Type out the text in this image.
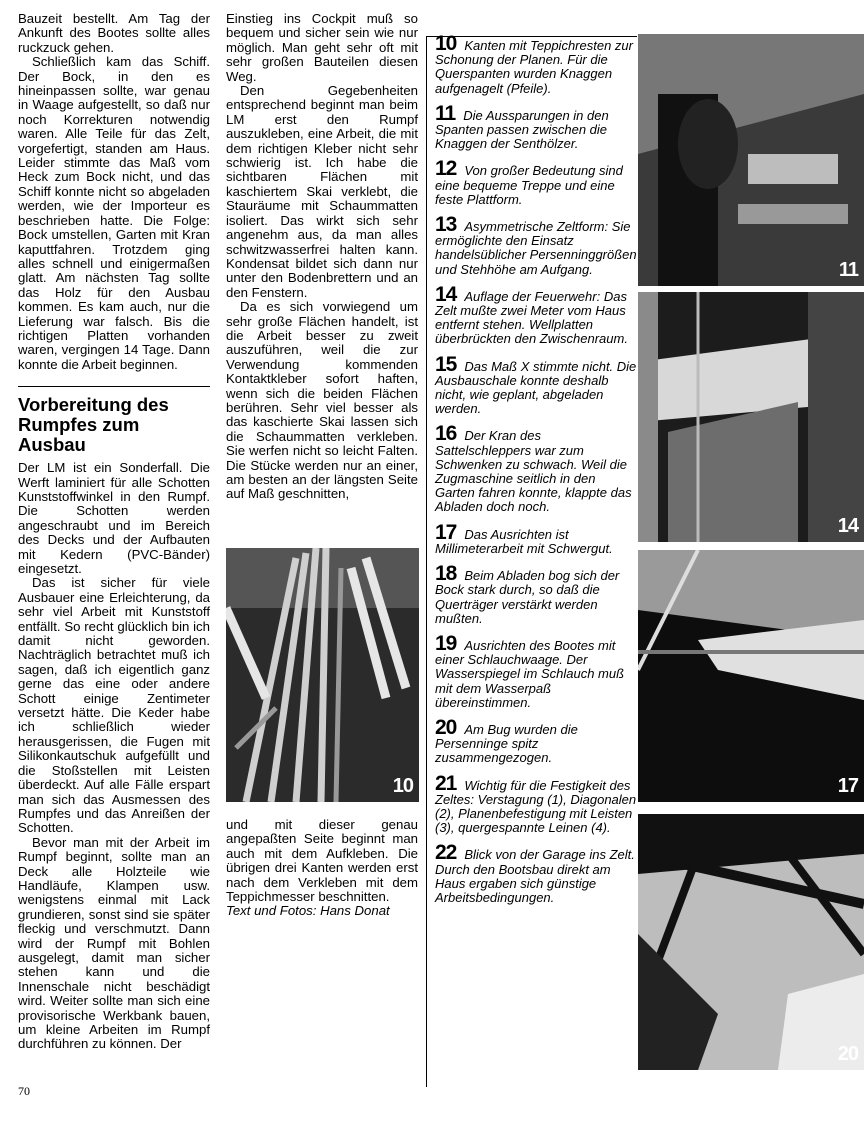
Bauzeit bestellt. Am Tag der Ankunft des Bootes sollte alles ruckzuck gehen.

Schließlich kam das Schiff. Der Bock, in den es hineinpassen sollte, war genau in Waage aufgestellt, so daß nur noch Korrekturen notwendig waren. Alle Teile für das Zelt, vorgefertigt, standen am Haus. Leider stimmte das Maß vom Heck zum Bock nicht, und das Schiff konnte nicht so abgeladen werden, wie der Importeur es beschrieben hatte. Die Folge: Bock umstellen, Garten mit Kran kaputtfahren. Trotzdem ging alles schnell und einigermaßen glatt. Am nächsten Tag sollte das Holz für den Ausbau kommen. Es kam auch, nur die Lieferung war falsch. Bis die richtigen Platten vorhanden waren, vergingen 14 Tage. Dann konnte die Arbeit beginnen.

Vorbereitung des Rumpfes zum Ausbau

Der LM ist ein Sonderfall. Die Werft laminiert für alle Schotten Kunststoffwinkel in den Rumpf. Die Schotten werden angeschraubt und im Bereich des Decks und der Aufbauten mit Kedern (PVC-Bänder) eingesetzt.

Das ist sicher für viele Ausbauer eine Erleichterung, da sehr viel Arbeit mit Kunststoff entfällt. So recht glücklich bin ich damit nicht geworden. Nachträglich betrachtet muß ich sagen, daß ich eigentlich ganz gerne das eine oder andere Schott einige Zentimeter versetzt hätte. Die Keder habe ich schließlich wieder herausgerissen, die Fugen mit Silikonkautschuk aufgefüllt und die Stoßstellen mit Leisten überdeckt. Auf alle Fälle erspart man sich das Ausmessen des Rumpfes und das Anreißen der Schotten.

Bevor man mit der Arbeit im Rumpf beginnt, sollte man an Deck alle Holzteile wie Handläufe, Klampen usw. wenigstens einmal mit Lack grundieren, sonst sind sie später fleckig und verschmutzt. Dann wird der Rumpf mit Bohlen ausgelegt, damit man sicher stehen kann und die Innenschale nicht beschädigt wird. Weiter sollte man sich eine provisorische Werkbank bauen, um kleine Arbeiten im Rumpf durchführen zu können. Der

Einstieg ins Cockpit muß so bequem und sicher sein wie nur möglich. Man geht sehr oft mit sehr großen Bauteilen diesen Weg.

Den Gegebenheiten entsprechend beginnt man beim LM erst den Rumpf auszukleben, eine Arbeit, die mit dem richtigen Kleber nicht sehr schwierig ist. Ich habe die sichtbaren Flächen mit kaschiertem Skai verklebt, die Stauräume mit Schaummatten isoliert. Das wirkt sich sehr angenehm aus, da man alles schwitzwasserfrei halten kann. Kondensat bildet sich dann nur unter den Bodenbrettern und an den Fenstern.

Da es sich vorwiegend um sehr große Flächen handelt, ist die Arbeit besser zu zweit auszuführen, weil die zur Verwendung kommenden Kontaktkleber sofort haften, wenn sich die beiden Flächen berühren. Sehr viel besser als das kaschierte Skai lassen sich die Schaummatten verkleben. Sie werfen nicht so leicht Falten. Die Stücke werden nur an einer, am besten an der längsten Seite auf Maß geschnitten,

10

und mit dieser genau angepaßten Seite beginnt man auch mit dem Aufkleben. Die übrigen drei Kanten werden erst nach dem Verkleben mit dem Teppichmesser beschnitten.

Text und Fotos: Hans Donat

10 Kanten mit Teppichresten zur Schonung der Planen. Für die Querspanten wurden Knaggen aufgenagelt (Pfeile).
11 Die Aussparungen in den Spanten passen zwischen die Knaggen der Senthölzer.
12 Von großer Bedeutung sind eine bequeme Treppe und eine feste Plattform.
13 Asymmetrische Zeltform: Sie ermöglichte den Einsatz handelsüblicher Persenninggrößen und Stehhöhe am Aufgang.
14 Auflage der Feuerwehr: Das Zelt mußte zwei Meter vom Haus entfernt stehen. Wellplatten überbrückten den Zwischenraum.
15 Das Maß X stimmte nicht. Die Ausbauschale konnte deshalb nicht, wie geplant, abgeladen werden.
16 Der Kran des Sattelschleppers war zum Schwenken zu schwach. Weil die Zugmaschine seitlich in den Garten fahren konnte, klappte das Abladen doch noch.
17 Das Ausrichten ist Millimeterarbeit mit Schwergut.
18 Beim Abladen bog sich der Bock stark durch, so daß die Querträger verstärkt werden mußten.
19 Ausrichten des Bootes mit einer Schlauchwaage. Der Wasserspiegel im Schlauch muß mit dem Wasserpaß übereinstimmen.
20 Am Bug wurden die Persenninge spitz zusammengezogen.
21 Wichtig für die Festigkeit des Zeltes: Verstagung (1), Diagonalen (2), Planenbefestigung mit Leisten (3), quergespannte Leinen (4).
22 Blick von der Garage ins Zelt. Durch den Bootsbau direkt am Haus ergaben sich günstige Arbeitsbedingungen.
11
14
17
20
70
